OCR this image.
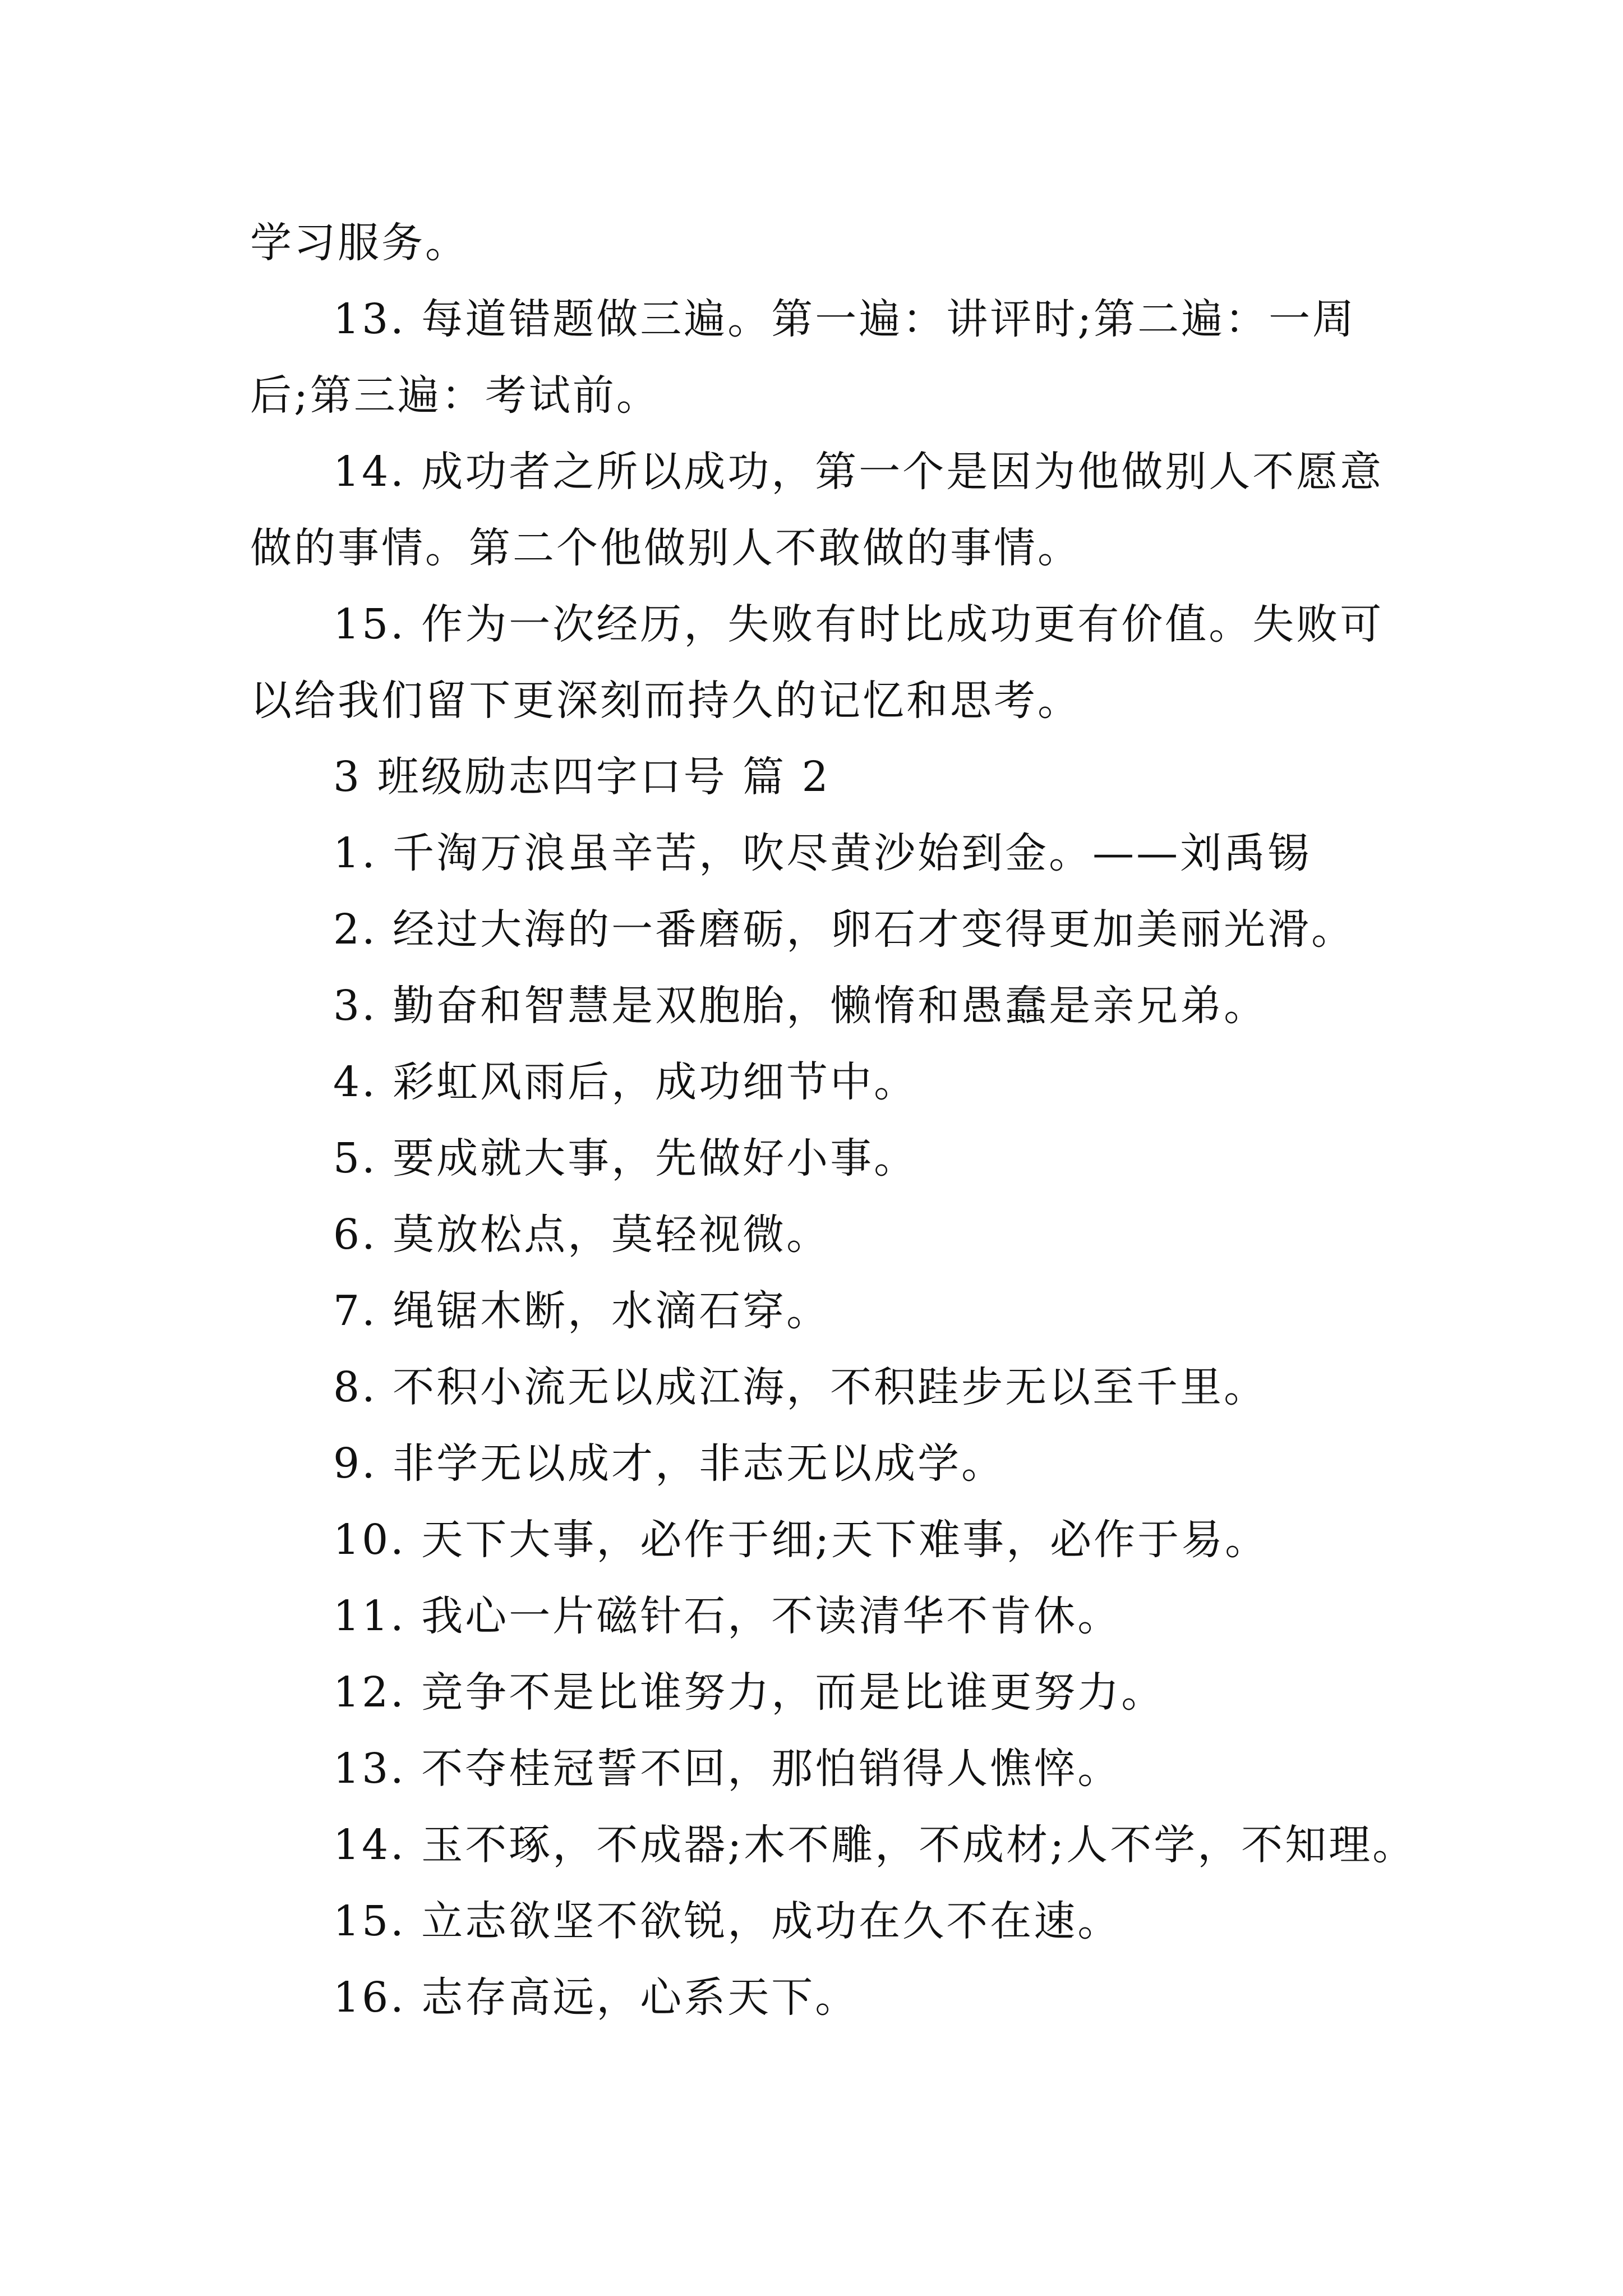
学习服务。

13. 每道错题做三遍。第一遍：讲评时;第二遍：一周后;第三遍：考试前。

14. 成功者之所以成功，第一个是因为他做别人不愿意做的事情。第二个他做别人不敢做的事情。

15. 作为一次经历，失败有时比成功更有价值。失败可以给我们留下更深刻而持久的记忆和思考。

3 班级励志四字口号 篇 2

1. 千淘万浪虽辛苦，吹尽黄沙始到金。——刘禹锡

2. 经过大海的一番磨砺，卵石才变得更加美丽光滑。

3. 勤奋和智慧是双胞胎，懒惰和愚蠢是亲兄弟。

4. 彩虹风雨后，成功细节中。

5. 要成就大事，先做好小事。

6. 莫放松点，莫轻视微。

7. 绳锯木断，水滴石穿。

8. 不积小流无以成江海，不积跬步无以至千里。

9. 非学无以成才，非志无以成学。

10. 天下大事，必作于细;天下难事，必作于易。

11. 我心一片磁针石，不读清华不肯休。

12. 竞争不是比谁努力，而是比谁更努力。

13. 不夺桂冠誓不回，那怕销得人憔悴。

14. 玉不琢，不成器;木不雕，不成材;人不学，不知理。

15. 立志欲坚不欲锐，成功在久不在速。

16. 志存高远，心系天下。
